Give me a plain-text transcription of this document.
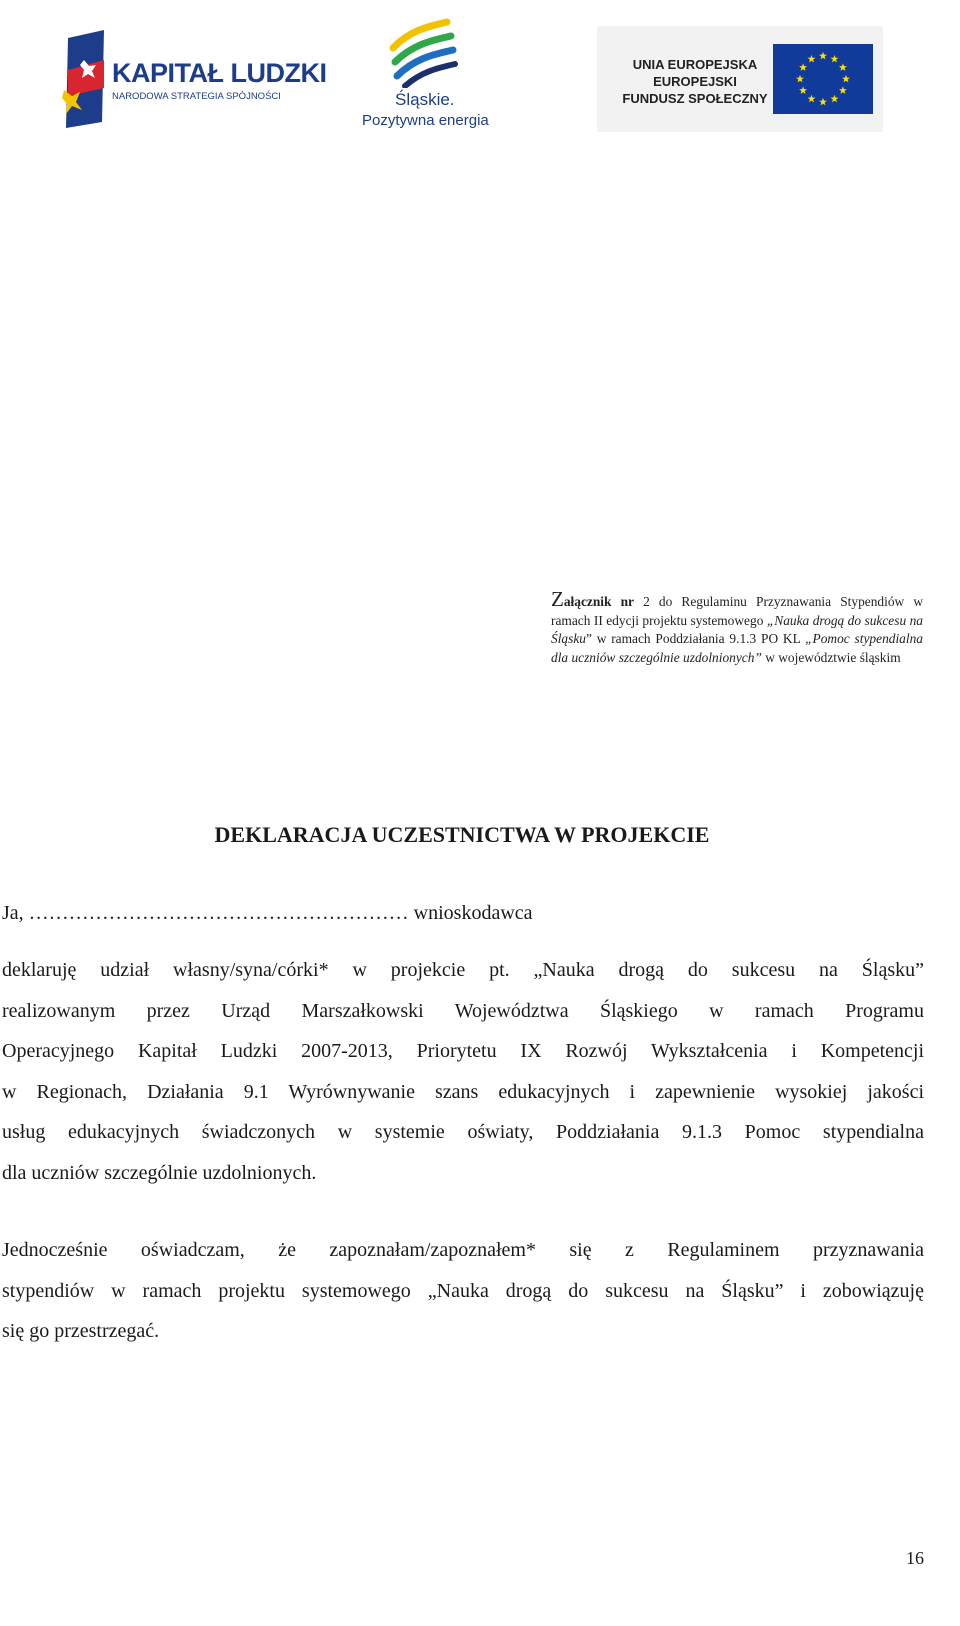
KAPITAŁ LUDZKI
NARODOWA STRATEGIA SPÓJNOŚCI	Śląskie.
Pozytywna energia
UNIA EUROPEJSKA
EUROPEJSKI
FUNDUSZ SPOŁECZNY
Załącznik nr 2 do Regulaminu Przyznawania Stypendiów w ramach II edycji projektu systemowego „Nauka drogą do sukcesu na Śląsku” w ramach Poddziałania 9.1.3 PO KL „Pomoc stypendialna dla uczniów szczególnie uzdolnionych” w województwie śląskim
DEKLARACJA UCZESTNICTWA W PROJEKCIE
Ja, ………………………………………………… wnioskodawca

deklaruję udział własny/syna/córki* w projekcie pt. „Nauka drogą do sukcesu na Śląsku”
realizowanym przez Urząd Marszałkowski Województwa Śląskiego w ramach Programu
Operacyjnego Kapitał Ludzki 2007-2013, Priorytetu IX Rozwój Wykształcenia i Kompetencji
w Regionach, Działania 9.1 Wyrównywanie szans edukacyjnych i zapewnienie wysokiej jakości
usług edukacyjnych świadczonych w systemie oświaty, Poddziałania 9.1.3 Pomoc stypendialna
dla uczniów szczególnie uzdolnionych.

Jednocześnie oświadczam, że zapoznałam/zapoznałem* się z Regulaminem przyznawania
stypendiów w ramach projektu systemowego „Nauka drogą do sukcesu na Śląsku” i zobowiązuję
się go przestrzegać.

16
